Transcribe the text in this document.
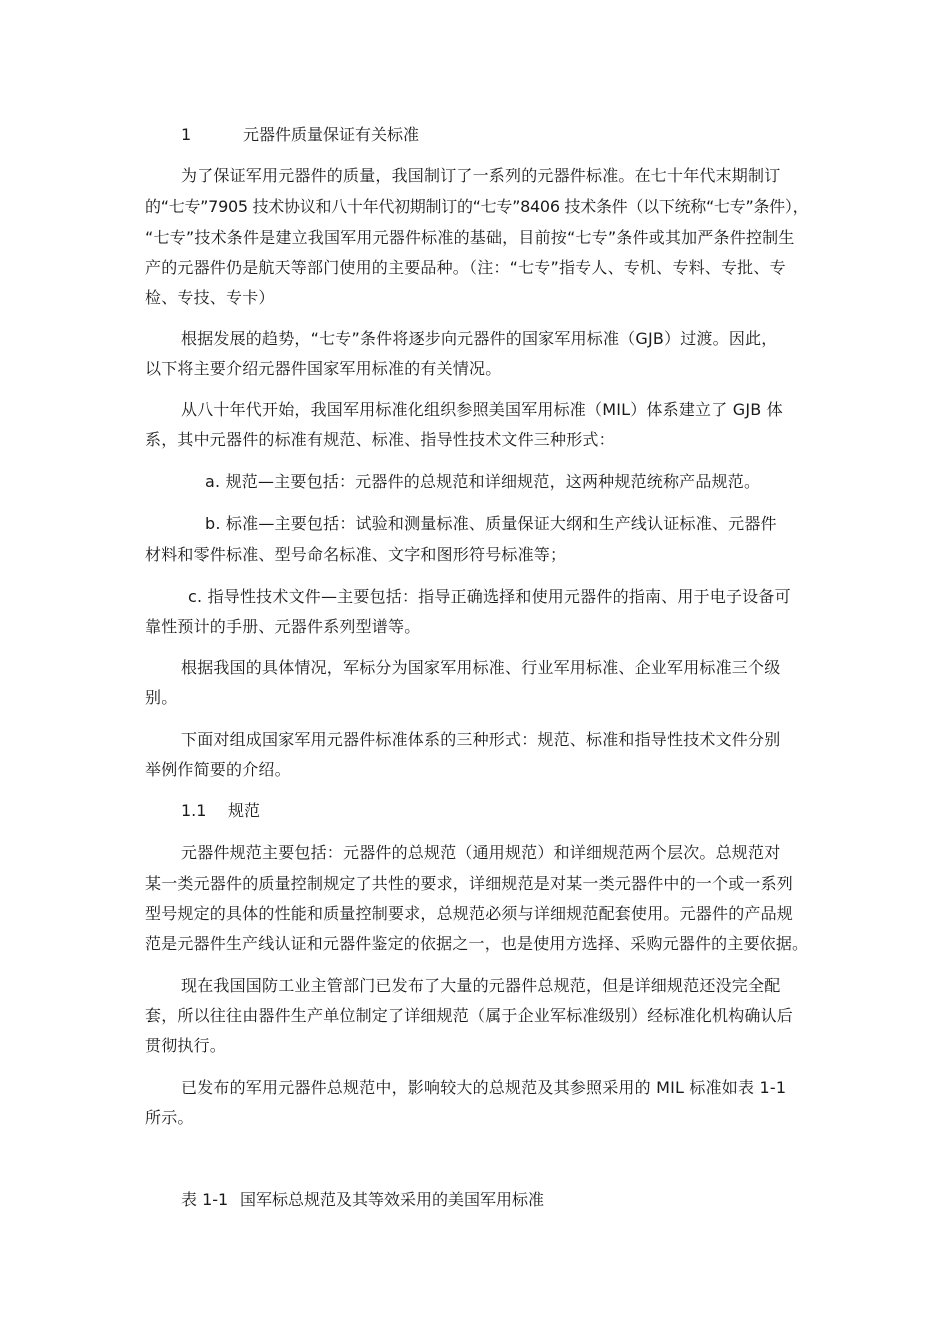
1	元器件质量保证有关标准
为了保证军用元器件的质量，我国制订了一系列的元器件标准。在七十年代末期制订
的“七专”7905 技术协议和八十年代初期制订的“七专”8406 技术条件（以下统称“七专”条件），
“七专”技术条件是建立我国军用元器件标准的基础，目前按“七专”条件或其加严条件控制生
产的元器件仍是航天等部门使用的主要品种。（注：“七专”指专人、专机、专料、专批、专
检、专技、专卡）
根据发展的趋势，“七专”条件将逐步向元器件的国家军用标准（GJB）过渡。因此，
以下将主要介绍元器件国家军用标准的有关情况。
从八十年代开始，我国军用标准化组织参照美国军用标准（MIL）体系建立了 GJB 体
系，其中元器件的标准有规范、标准、指导性技术文件三种形式：
a. 规范—主要包括：元器件的总规范和详细规范，这两种规范统称产品规范。
b. 标准—主要包括：试验和测量标准、质量保证大纲和生产线认证标准、元器件
材料和零件标准、型号命名标准、文字和图形符号标准等；
c. 指导性技术文件—主要包括：指导正确选择和使用元器件的指南、用于电子设备可
靠性预计的手册、元器件系列型谱等。
根据我国的具体情况，军标分为国家军用标准、行业军用标准、企业军用标准三个级
别。
下面对组成国家军用元器件标准体系的三种形式：规范、标准和指导性技术文件分别
举例作简要的介绍。
1.1 规范
元器件规范主要包括：元器件的总规范（通用规范）和详细规范两个层次。总规范对
某一类元器件的质量控制规定了共性的要求，详细规范是对某一类元器件中的一个或一系列
型号规定的具体的性能和质量控制要求，总规范必须与详细规范配套使用。元器件的产品规
范是元器件生产线认证和元器件鉴定的依据之一，也是使用方选择、采购元器件的主要依据。
现在我国国防工业主管部门已发布了大量的元器件总规范，但是详细规范还没完全配
套，所以往往由器件生产单位制定了详细规范（属于企业军标准级别）经标准化机构确认后
贯彻执行。
已发布的军用元器件总规范中，影响较大的总规范及其参照采用的 MIL 标准如表 1-1
所示。
表 1-1 国军标总规范及其等效采用的美国军用标准
